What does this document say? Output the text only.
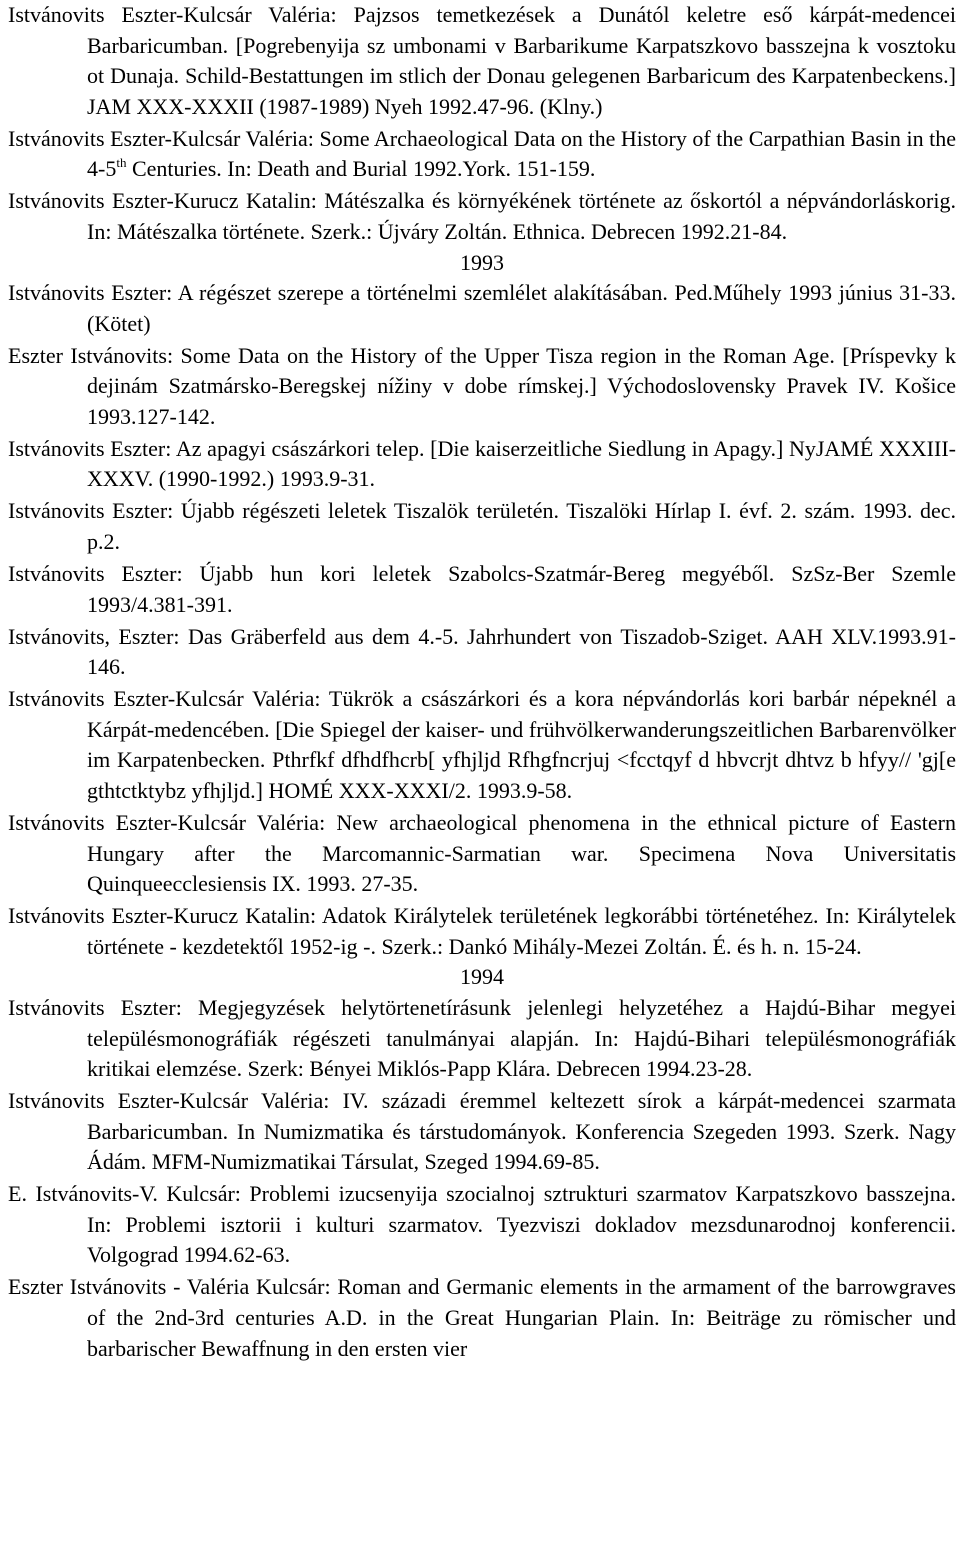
Istvánovits Eszter-Kulcsár Valéria: Pajzsos temetkezések a Dunától keletre eső kárpát-medencei Barbaricumban. [Pogrebenyija sz umbonami v Barbarikume Karpatszkovo basszejna k vosztoku ot Dunaja. Schild-Bestattungen im stlich der Donau gelegenen Barbaricum des Karpatenbeckens.] JAM XXX-XXXII (1987-1989) Nyeh 1992.47-96. (Klny.)

Istvánovits Eszter-Kulcsár Valéria: Some Archaeological Data on the History of the Carpathian Basin in the 4-5th Centuries. In: Death and Burial 1992.York. 151-159.

Istvánovits Eszter-Kurucz Katalin: Mátészalka és környékének története az őskortól a népvándorláskorig. In: Mátészalka története. Szerk.: Újváry Zoltán. Ethnica. Debrecen 1992.21-84.

1993

Istvánovits Eszter: A régészet szerepe a történelmi szemlélet alakításában. Ped.Műhely 1993 június 31-33. (Kötet)

Eszter Istvánovits: Some Data on the History of the Upper Tisza region in the Roman Age. [Príspevky k dejinám Szatmársko-Beregskej nížiny v dobe rímskej.] Východoslovensky Pravek IV. Košice 1993.127-142.

Istvánovits Eszter: Az apagyi császárkori telep. [Die kaiserzeitliche Siedlung in Apagy.] NyJAMÉ XXXIII-XXXV. (1990-1992.) 1993.9-31.

Istvánovits Eszter: Újabb régészeti leletek Tiszalök területén. Tiszalöki Hírlap I. évf. 2. szám. 1993. dec. p.2.

Istvánovits Eszter: Újabb hun kori leletek Szabolcs-Szatmár-Bereg megyéből. SzSz-Ber Szemle 1993/4.381-391.

Istvánovits, Eszter: Das Gräberfeld aus dem 4.-5. Jahrhundert von Tiszadob-Sziget. AAH XLV.1993.91-146.

Istvánovits Eszter-Kulcsár Valéria: Tükrök a császárkori és a kora népvándorlás kori barbár népeknél a Kárpát-medencében. [Die Spiegel der kaiser- und frühvölkerwanderungszeitlichen Barbarenvölker im Karpatenbecken. Pthrfkf dfhdfhcrb[ yfhjljd Rfhgfncrjuj <fcctqyf d hbvcrjt dhtvz b hfyy// 'gj[e gthtctktybz yfhjljd.] HOMÉ XXX-XXXI/2. 1993.9-58.

Istvánovits Eszter-Kulcsár Valéria: New archaeological phenomena in the ethnical picture of Eastern Hungary after the Marcomannic-Sarmatian war. Specimena Nova Universitatis Quinqueecclesiensis IX. 1993. 27-35.

Istvánovits Eszter-Kurucz Katalin: Adatok Királytelek területének legkorábbi történetéhez. In: Királytelek története - kezdetektől 1952-ig -. Szerk.: Dankó Mihály-Mezei Zoltán. É. és h. n. 15-24.

1994

Istvánovits Eszter: Megjegyzések helytörtenetírásunk jelenlegi helyzetéhez a Hajdú-Bihar megyei településmonográfiák régészeti tanulmányai alapján. In: Hajdú-Bihari településmonográfiák kritikai elemzése. Szerk: Bényei Miklós-Papp Klára. Debrecen 1994.23-28.

Istvánovits Eszter-Kulcsár Valéria: IV. századi éremmel keltezett sírok a kárpát-medencei szarmata Barbaricumban. In Numizmatika és társtudományok. Konferencia Szegeden 1993. Szerk. Nagy Ádám. MFM-Numizmatikai Társulat, Szeged 1994.69-85.

E. Istvánovits-V. Kulcsár: Problemi izucsenyija szocialnoj sztrukturi szarmatov Karpatszkovo basszejna. In: Problemi isztorii i kulturi szarmatov. Tyezviszi dokladov mezsdunarodnoj konferencii. Volgograd 1994.62-63.

Eszter Istvánovits - Valéria Kulcsár: Roman and Germanic elements in the armament of the barrowgraves of the 2nd-3rd centuries A.D. in the Great Hungarian Plain. In: Beiträge zu römischer und barbarischer Bewaffnung in den ersten vier
